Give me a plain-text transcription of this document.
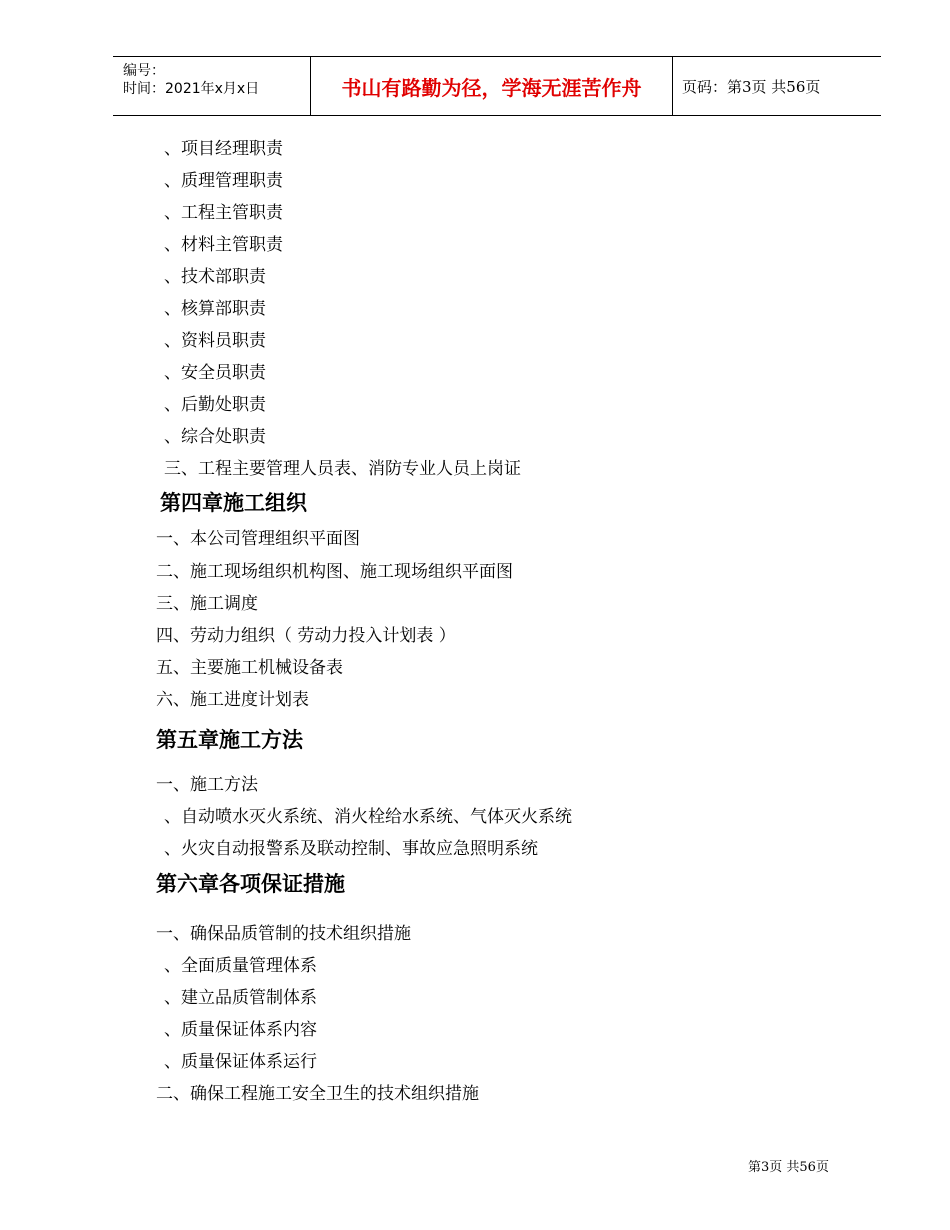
编号：
时间：2021年x月x日	书山有路勤为径，学海无涯苦作舟	页码：第3页 共56页
、项目经理职责
、质理管理职责
、工程主管职责
、材料主管职责
、技术部职责
、核算部职责
、资料员职责
、安全员职责
、后勤处职责
、综合处职责
三、工程主要管理人员表、消防专业人员上岗证
第四章施工组织
一、本公司管理组织平面图
二、施工现场组织机构图、施工现场组织平面图
三、施工调度
四、劳动力组织（ 劳动力投入计划表 ）
五、主要施工机械设备表
六、施工进度计划表
第五章施工方法
一、施工方法
、自动喷水灭火系统、消火栓给水系统、气体灭火系统
、火灾自动报警系及联动控制、事故应急照明系统
第六章各项保证措施
一、确保品质管制的技术组织措施
、全面质量管理体系
、建立品质管制体系
、质量保证体系内容
、质量保证体系运行
二、确保工程施工安全卫生的技术组织措施
第3页 共56页
